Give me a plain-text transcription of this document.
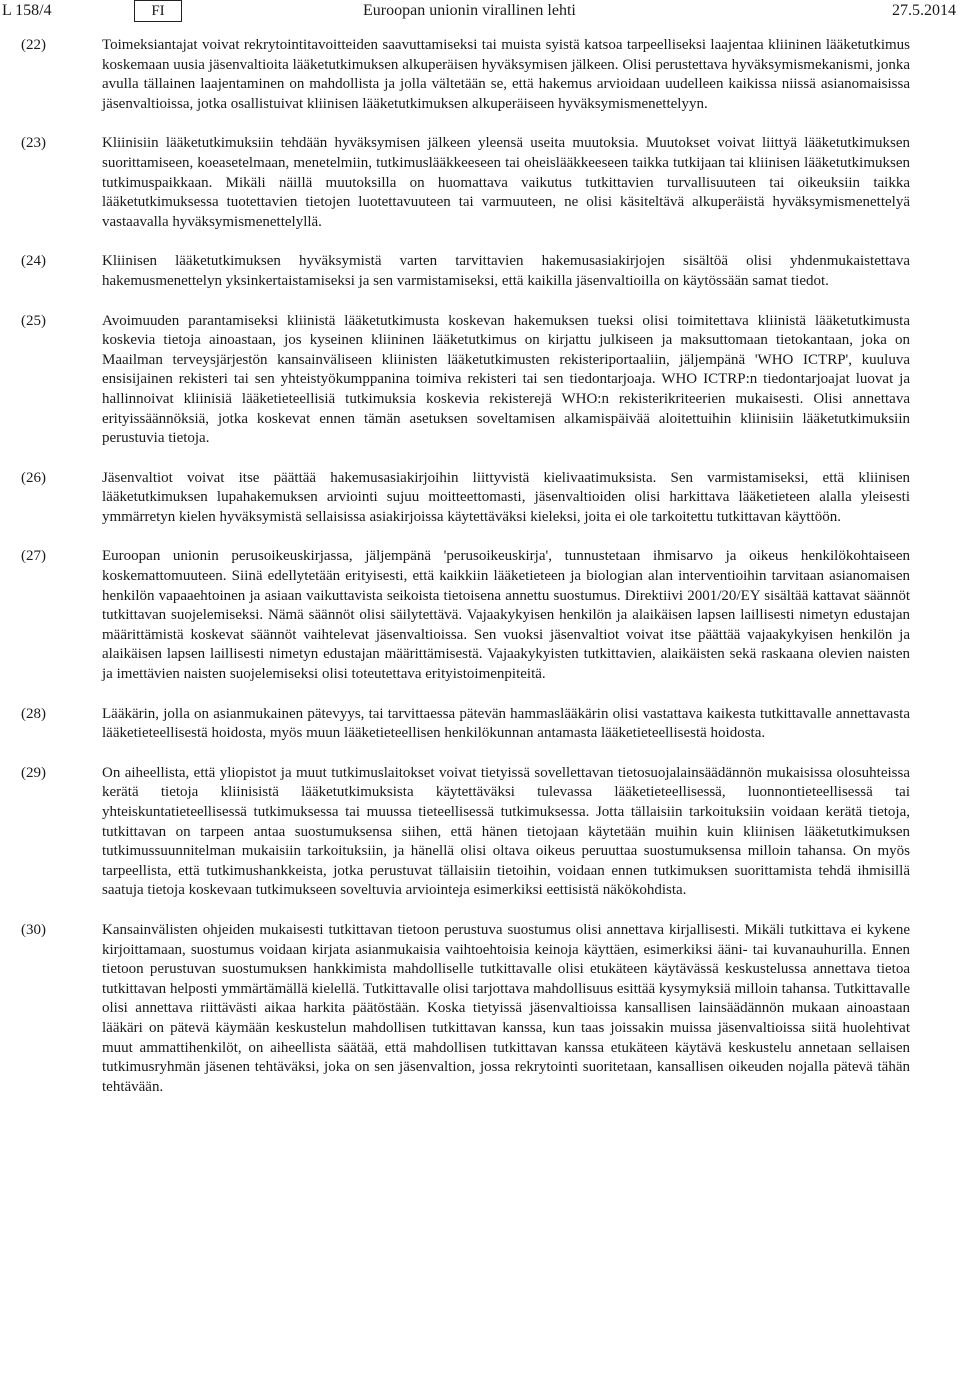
L 158/4	FI	Euroopan unionin virallinen lehti	27.5.2014
(22)	Toimeksiantajat voivat rekrytointitavoitteiden saavuttamiseksi tai muista syistä katsoa tarpeelliseksi laajentaa kliininen lääketutkimus koskemaan uusia jäsenvaltioita lääketutkimuksen alkuperäisen hyväksymisen jälkeen. Olisi perustettava hyväksymismekanismi, jonka avulla tällainen laajentaminen on mahdollista ja jolla vältetään se, että hakemus arvioidaan uudelleen kaikissa niissä asianomaisissa jäsenvaltioissa, jotka osallistuivat kliinisen lääketutkimuksen alkuperäiseen hyväksymismenettelyyn.

(23)	Kliinisiin lääketutkimuksiin tehdään hyväksymisen jälkeen yleensä useita muutoksia. Muutokset voivat liittyä lääketutkimuksen suorittamiseen, koeasetelmaan, menetelmiin, tutkimuslääkkeeseen tai oheislääkkeeseen taikka tutkijaan tai kliinisen lääketutkimuksen tutkimuspaikkaan. Mikäli näillä muutoksilla on huomattava vaikutus tutkittavien turvallisuuteen tai oikeuksiin taikka lääketutkimuksessa tuotettavien tietojen luotettavuuteen tai varmuuteen, ne olisi käsiteltävä alkuperäistä hyväksymismenettelyä vastaavalla hyväksymismenettelyllä.

(24)	Kliinisen lääketutkimuksen hyväksymistä varten tarvittavien hakemusasiakirjojen sisältöä olisi yhdenmukaistettava hakemusmenettelyn yksinkertaistamiseksi ja sen varmistamiseksi, että kaikilla jäsenvaltioilla on käytössään samat tiedot.

(25)	Avoimuuden parantamiseksi kliinistä lääketutkimusta koskevan hakemuksen tueksi olisi toimitettava kliinistä lääketutkimusta koskevia tietoja ainoastaan, jos kyseinen kliininen lääketutkimus on kirjattu julkiseen ja maksuttomaan tietokantaan, joka on Maailman terveysjärjestön kansainväliseen kliinisten lääketutkimusten rekisteriportaaliin, jäljempänä 'WHO ICTRP', kuuluva ensisijainen rekisteri tai sen yhteistyökumppanina toimiva rekisteri tai sen tiedontarjoaja. WHO ICTRP:n tiedontarjoajat luovat ja hallinnoivat kliinisiä lääketieteellisiä tutkimuksia koskevia rekisterejä WHO:n rekisterikriteerien mukaisesti. Olisi annettava erityissäännöksiä, jotka koskevat ennen tämän asetuksen soveltamisen alkamispäivää aloitettuihin kliinisiin lääketutkimuksiin perustuvia tietoja.

(26)	Jäsenvaltiot voivat itse päättää hakemusasiakirjoihin liittyvistä kielivaatimuksista. Sen varmistamiseksi, että kliinisen lääketutkimuksen lupahakemuksen arviointi sujuu moitteettomasti, jäsenvaltioiden olisi harkittava lääketieteen alalla yleisesti ymmärretyn kielen hyväksymistä sellaisissa asiakirjoissa käytettäväksi kieleksi, joita ei ole tarkoitettu tutkittavan käyttöön.

(27)	Euroopan unionin perusoikeuskirjassa, jäljempänä 'perusoikeuskirja', tunnustetaan ihmisarvo ja oikeus henkilökohtaiseen koskemattomuuteen. Siinä edellytetään erityisesti, että kaikkiin lääketieteen ja biologian alan interventioihin tarvitaan asianomaisen henkilön vapaaehtoinen ja asiaan vaikuttavista seikoista tietoisena annettu suostumus. Direktiivi 2001/20/EY sisältää kattavat säännöt tutkittavan suojelemiseksi. Nämä säännöt olisi säilytettävä. Vajaakykyisen henkilön ja alaikäisen lapsen laillisesti nimetyn edustajan määrittämistä koskevat säännöt vaihtelevat jäsenvaltioissa. Sen vuoksi jäsenvaltiot voivat itse päättää vajaakykyisen henkilön ja alaikäisen lapsen laillisesti nimetyn edustajan määrittämisestä. Vajaakykyisten tutkittavien, alaikäisten sekä raskaana olevien naisten ja imettävien naisten suojelemiseksi olisi toteutettava erityistoimenpiteitä.

(28)	Lääkärin, jolla on asianmukainen pätevyys, tai tarvittaessa pätevän hammaslääkärin olisi vastattava kaikesta tutkittavalle annettavasta lääketieteellisestä hoidosta, myös muun lääketieteellisen henkilökunnan antamasta lääketieteellisestä hoidosta.

(29)	On aiheellista, että yliopistot ja muut tutkimuslaitokset voivat tietyissä sovellettavan tietosuojalainsäädännön mukaisissa olosuhteissa kerätä tietoja kliinisistä lääketutkimuksista käytettäväksi tulevassa lääketieteellisessä, luonnontieteellisessä tai yhteiskuntatieteellisessä tutkimuksessa tai muussa tieteellisessä tutkimuksessa. Jotta tällaisiin tarkoituksiin voidaan kerätä tietoja, tutkittavan on tarpeen antaa suostumuksensa siihen, että hänen tietojaan käytetään muihin kuin kliinisen lääketutkimuksen tutkimussuunnitelman mukaisiin tarkoituksiin, ja hänellä olisi oltava oikeus peruuttaa suostumuksensa milloin tahansa. On myös tarpeellista, että tutkimushankkeista, jotka perustuvat tällaisiin tietoihin, voidaan ennen tutkimuksen suorittamista tehdä ihmisillä saatuja tietoja koskevaan tutkimukseen soveltuvia arviointeja esimerkiksi eettisistä näkökohdista.

(30)	Kansainvälisten ohjeiden mukaisesti tutkittavan tietoon perustuva suostumus olisi annettava kirjallisesti. Mikäli tutkittava ei kykene kirjoittamaan, suostumus voidaan kirjata asianmukaisia vaihtoehtoisia keinoja käyttäen, esimerkiksi ääni- tai kuvanauhurilla. Ennen tietoon perustuvan suostumuksen hankkimista mahdolliselle tutkittavalle olisi etukäteen käytävässä keskustelussa annettava tietoa tutkittavan helposti ymmärtämällä kielellä. Tutkittavalle olisi tarjottava mahdollisuus esittää kysymyksiä milloin tahansa. Tutkittavalle olisi annettava riittävästi aikaa harkita päätöstään. Koska tietyissä jäsenvaltioissa kansallisen lainsäädännön mukaan ainoastaan lääkäri on pätevä käymään keskustelun mahdollisen tutkittavan kanssa, kun taas joissakin muissa jäsenvaltioissa siitä huolehtivat muut ammattihenkilöt, on aiheellista säätää, että mahdollisen tutkittavan kanssa etukäteen käytävä keskustelu annetaan sellaisen tutkimusryhmän jäsenen tehtäväksi, joka on sen jäsenvaltion, jossa rekrytointi suoritetaan, kansallisen oikeuden nojalla pätevä tähän tehtävään.
